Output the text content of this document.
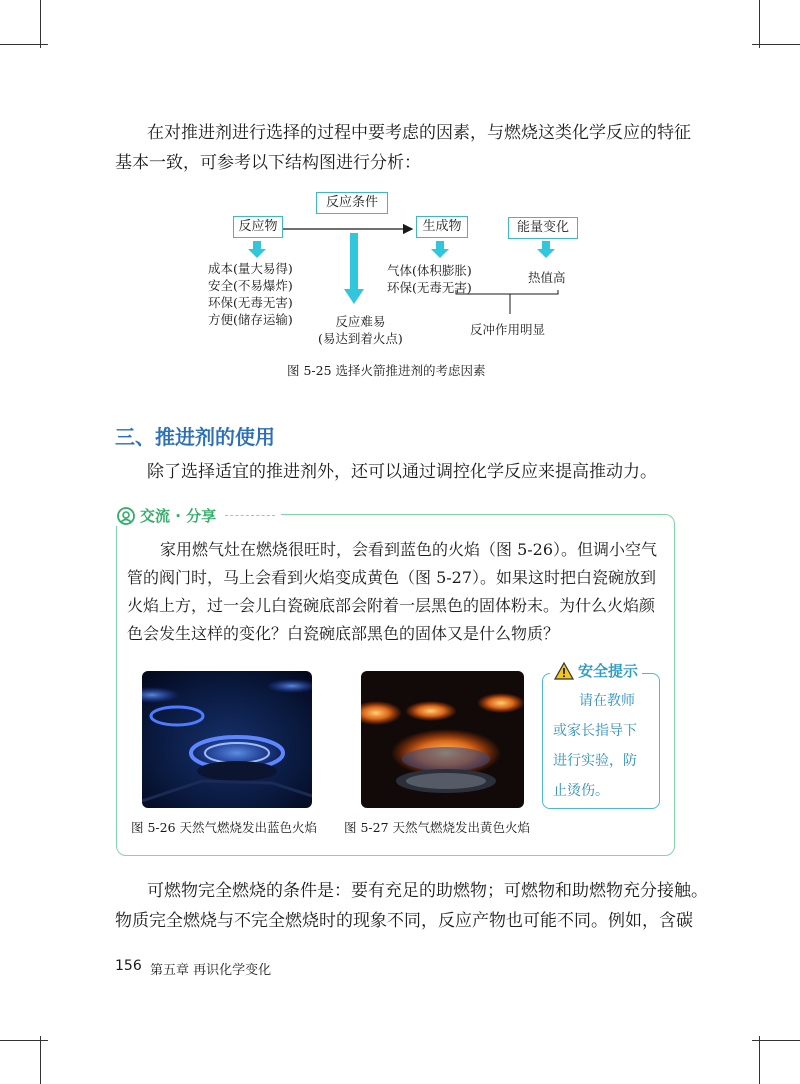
在对推进剂进行选择的过程中要考虑的因素，与燃烧这类化学反应的特征

基本一致，可参考以下结构图进行分析：

反应条件
反应物	生成物	能量变化
成本(量大易得)
安全(不易爆炸)
环保(无毒无害)
方便(储存运输)	反应难易
(易达到着火点)
气体(体积膨胀)
环保(无毒无害)
热值高
反冲作用明显
图 5-25 选择火箭推进剂的考虑因素
三、推进剂的使用

除了选择适宜的推进剂外，还可以通过调控化学反应来提高推动力。

交流 · 分享

家用燃气灶在燃烧很旺时，会看到蓝色的火焰（图 5-26）。但调小空气

管的阀门时，马上会看到火焰变成黄色（图 5-27）。如果这时把白瓷碗放到

火焰上方，过一会儿白瓷碗底部会附着一层黑色的固体粉末。为什么火焰颜

色会发生这样的变化？白瓷碗底部黑色的固体又是什么物质？

安全提示
请在教师
或家长指导下
进行实验，防
止烫伤。
图 5-26 天然气燃烧发出蓝色火焰 图 5-27 天然气燃烧发出黄色火焰

可燃物完全燃烧的条件是：要有充足的助燃物；可燃物和助燃物充分接触。

物质完全燃烧与不完全燃烧时的现象不同，反应产物也可能不同。例如，含碳

156 第五章 再识化学变化
